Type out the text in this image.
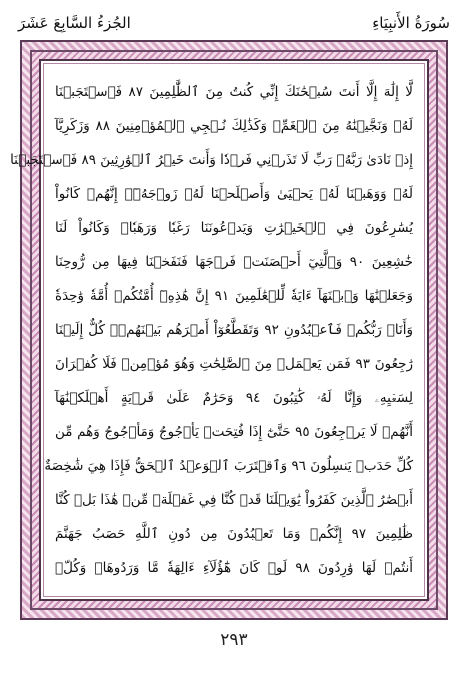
الجُزءُ السَّابِعَ عَشَرَ	سُورَةُ الأَنبِيَاءِ
لَّا إِلَٰهَ إِلَّا أَنتَ سُبۡحَٰنَكَ إِنِّي كُنتُ مِنَ ٱلظَّٰلِمِينَ ٨٧ فَٱسۡتَجَبۡنَا
لَهُۥ وَنَجَّيۡنَٰهُ مِنَ ٱلۡغَمِّۚ وَكَذَٰلِكَ نُـۨجِي ٱلۡمُؤۡمِنِينَ ٨٨ وَزَكَرِيَّآ
إِذۡ نَادَىٰ رَبَّهُۥ رَبِّ لَا تَذَرۡنِي فَرۡدٗا وَأَنتَ خَيۡرُ ٱلۡوَٰرِثِينَ ٨٩ فَٱسۡتَجَبۡنَا
لَهُۥ وَوَهَبۡنَا لَهُۥ يَحۡيَىٰ وَأَصۡلَحۡنَا لَهُۥ زَوۡجَهُۥٓۚ إِنَّهُمۡ كَانُواْ
يُسَٰرِعُونَ فِي ٱلۡخَيۡرَٰتِ وَيَدۡعُونَنَا رَغَبٗا وَرَهَبٗاۖ وَكَانُواْ لَنَا
خَٰشِعِينَ ٩٠ وَٱلَّتِيٓ أَحۡصَنَتۡ فَرۡجَهَا فَنَفَخۡنَا فِيهَا مِن رُّوحِنَا
وَجَعَلۡنَٰهَا وَٱبۡنَهَآ ءَايَةٗ لِّلۡعَٰلَمِينَ ٩١ إِنَّ هَٰذِهِۦٓ أُمَّتُكُمۡ أُمَّةٗ وَٰحِدَةٗ
وَأَنَا۠ رَبُّكُمۡ فَٱعۡبُدُونِ ٩٢ وَتَقَطَّعُوٓاْ أَمۡرَهُم بَيۡنَهُمۡۖ كُلٌّ إِلَيۡنَا
رَٰجِعُونَ ٩٣ فَمَن يَعۡمَلۡ مِنَ ٱلصَّٰلِحَٰتِ وَهُوَ مُؤۡمِنٞ فَلَا كُفۡرَانَ
لِسَعۡيِهِۦ وَإِنَّا لَهُۥ كَٰتِبُونَ ٩٤ وَحَرَٰمٌ عَلَىٰ قَرۡيَةٍ أَهۡلَكۡنَٰهَآ
أَنَّهُمۡ لَا يَرۡجِعُونَ ٩٥ حَتَّىٰٓ إِذَا فُتِحَتۡ يَأۡجُوجُ وَمَأۡجُوجُ وَهُم مِّن
كُلِّ حَدَبٖ يَنسِلُونَ ٩٦ وَٱقۡتَرَبَ ٱلۡوَعۡدُ ٱلۡحَقُّ فَإِذَا هِيَ شَٰخِصَةٌ
أَبۡصَٰرُ ٱلَّذِينَ كَفَرُواْ يَٰوَيۡلَنَا قَدۡ كُنَّا فِي غَفۡلَةٖ مِّنۡ هَٰذَا بَلۡ كُنَّا
ظَٰلِمِينَ ٩٧ إِنَّكُمۡ وَمَا تَعۡبُدُونَ مِن دُونِ ٱللَّهِ حَصَبُ جَهَنَّمَ
أَنتُمۡ لَهَا وَٰرِدُونَ ٩٨ لَوۡ كَانَ هَٰٓؤُلَآءِ ءَالِهَةٗ مَّا وَرَدُوهَاۖ وَكُلّٞ
٢٩٣
